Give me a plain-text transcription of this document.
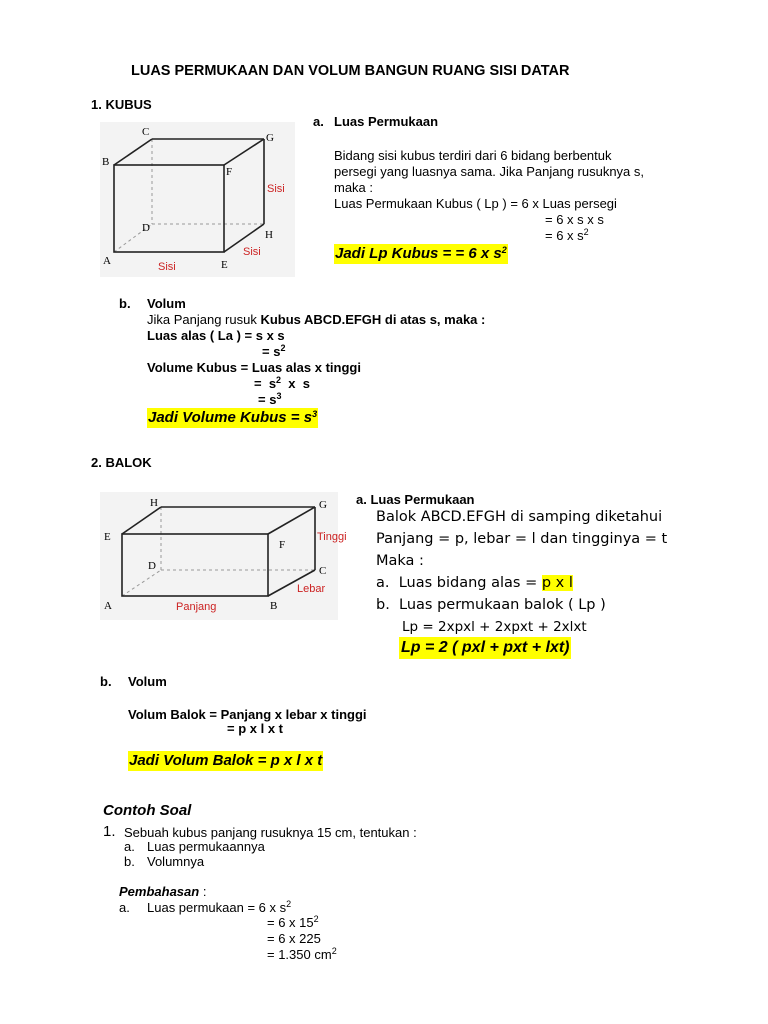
LUAS PERMUKAAN DAN VOLUM BANGUN RUANG SISI DATAR
1. KUBUS
C	G
B
F
D
H
A	E
Sisi
Sisi
Sisi
a. Luas Permukaan
Bidang sisi kubus terdiri dari 6 bidang berbentuk
persegi yang luasnya sama. Jika Panjang rusuknya s,
maka :
Luas Permukaan Kubus ( Lp ) = 6 x Luas persegi
= 6 x s x s
= 6 x $s^2$
Jadi Lp Kubus = = 6 x $s^2$
b. Volum
Jika Panjang rusuk Kubus ABCD.EFGH di atas s, maka :
Luas alas ( La ) = s x s
= $s^2$
Volume Kubus = Luas alas x tinggi
=  $s^2$  x  s
= $s^3$
Jadi Volume Kubus = $s^3$
2. BALOK
H	G
E
F
D	C
A	B
Tinggi
Lebar
Panjang
a. Luas Permukaan
Balok ABCD.EFGH di samping diketahui
Panjang = p, lebar = l dan tingginya = t
Maka :
a.  Luas bidang alas = p x l
b.  Luas permukaan balok ( Lp )
Lp = 2xpxl + 2xpxt + 2xlxt
Lp = 2 ( pxl + pxt + lxt)
b. Volum
Volum Balok = Panjang x lebar x tinggi
= p x l x t
Jadi Volum Balok = p x l x t
Contoh Soal
1. Sebuah kubus panjang rusuknya 15 cm, tentukan :
a. Luas permukaannya
b. Volumnya
Pembahasan :
a. Luas permukaan = 6 x $s^2$
= 6 x $15^2$
= 6 x 225
= 1.350 $cm^2$
